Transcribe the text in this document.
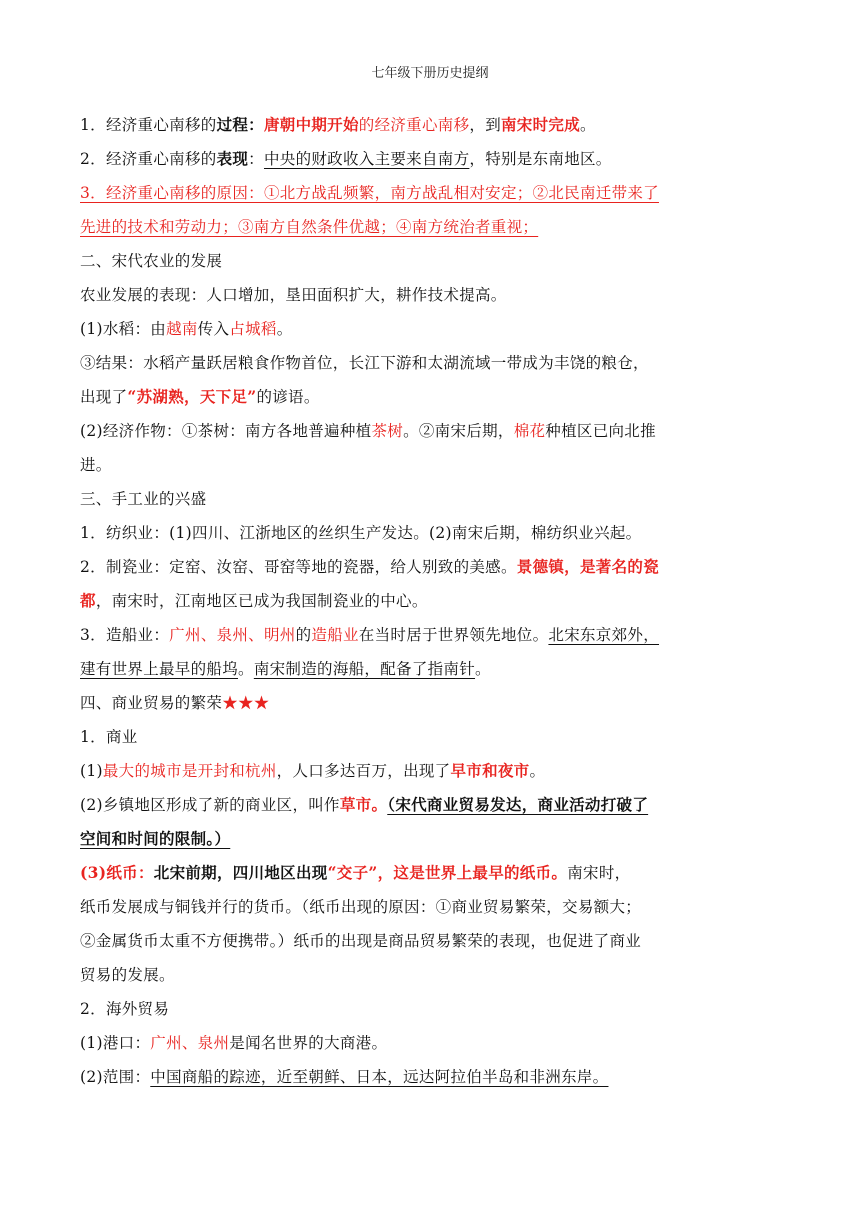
七年级下册历史提纲
1．经济重心南移的过程：唐朝中期开始的经济重心南移，到南宋时完成。
2．经济重心南移的表现：中央的财政收入主要来自南方，特别是东南地区。
3．经济重心南移的原因：①北方战乱频繁，南方战乱相对安定；②北民南迁带来了
先进的技术和劳动力；③南方自然条件优越；④南方统治者重视；
二、宋代农业的发展
农业发展的表现：人口增加，垦田面积扩大，耕作技术提高。
(1)水稻：由越南传入占城稻。
③结果：水稻产量跃居粮食作物首位，长江下游和太湖流域一带成为丰饶的粮仓，
出现了“苏湖熟，天下足”的谚语。
(2)经济作物：①茶树：南方各地普遍种植茶树。②南宋后期，棉花种植区已向北推
进。
三、手工业的兴盛
1．纺织业：(1)四川、江浙地区的丝织生产发达。(2)南宋后期，棉纺织业兴起。
2．制瓷业：定窑、汝窑、哥窑等地的瓷器，给人别致的美感。景德镇，是著名的瓷
都，南宋时，江南地区已成为我国制瓷业的中心。
3．造船业：广州、泉州、明州的造船业在当时居于世界领先地位。北宋东京郊外，
建有世界上最早的船坞。南宋制造的海船，配备了指南针。
四、商业贸易的繁荣★★★
1．商业
(1)最大的城市是开封和杭州，人口多达百万，出现了早市和夜市。
(2)乡镇地区形成了新的商业区，叫作草市。（宋代商业贸易发达，商业活动打破了
空间和时间的限制。）
(3)纸币：北宋前期，四川地区出现“交子”，这是世界上最早的纸币。南宋时，
纸币发展成与铜钱并行的货币。（纸币出现的原因：①商业贸易繁荣，交易额大；
②金属货币太重不方便携带。）纸币的出现是商品贸易繁荣的表现，也促进了商业
贸易的发展。
2．海外贸易
(1)港口：广州、泉州是闻名世界的大商港。
(2)范围：中国商船的踪迹，近至朝鲜、日本，远达阿拉伯半岛和非洲东岸。
